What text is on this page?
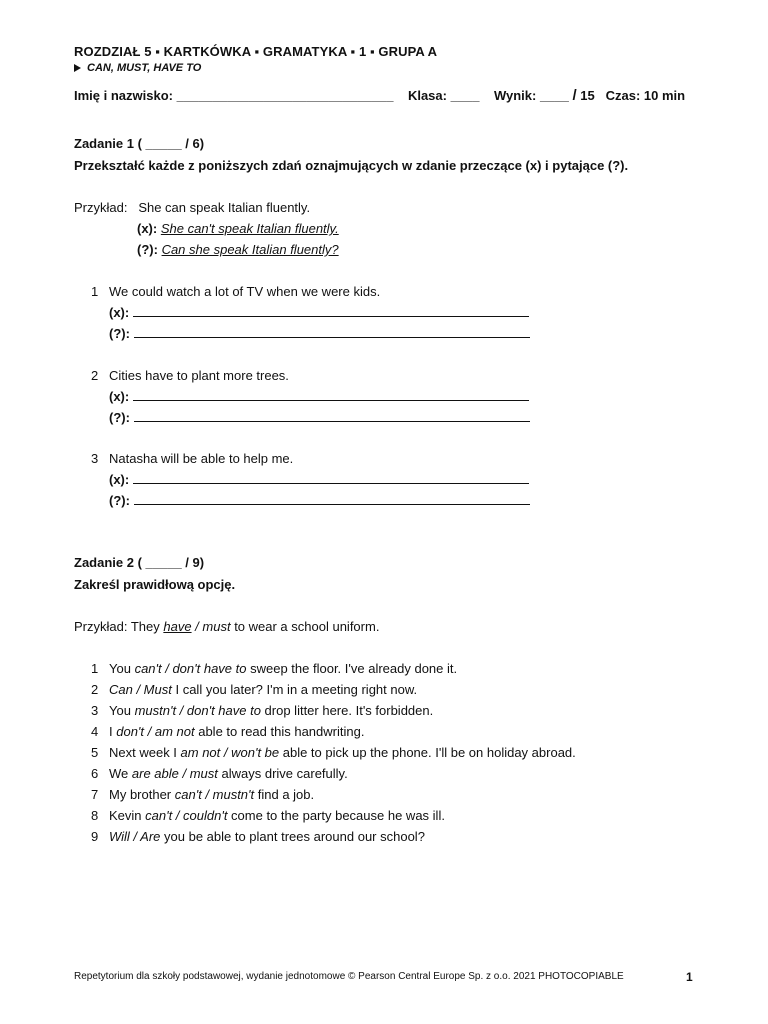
ROZDZIAŁ 5 ▪ KARTKÓWKA ▪ GRAMATYKA ▪ 1 ▪ GRUPA A
CAN, MUST, HAVE TO
Imię i nazwisko: ______________________________ Klasa: ____ Wynik: ____ / 15 Czas: 10 min
Zadanie 1 ( _____ / 6)
Przekształć każde z poniższych zdań oznajmujących w zdanie przeczące (x) i pytające (?).
Przykład: She can speak Italian fluently.
(x): She can't speak Italian fluently.
(?): Can she speak Italian fluently?
1 We could watch a lot of TV when we were kids.
(x):
(?):
2 Cities have to plant more trees.
(x):
(?):
3 Natasha will be able to help me.
(x):
(?):
Zadanie 2 ( _____ / 9)
Zakreśl prawidłową opcję.
Przykład: They have / must to wear a school uniform.
1 You can't / don't have to sweep the floor. I've already done it.
2 Can / Must I call you later? I'm in a meeting right now.
3 You mustn't / don't have to drop litter here. It's forbidden.
4 I don't / am not able to read this handwriting.
5 Next week I am not / won't be able to pick up the phone. I'll be on holiday abroad.
6 We are able / must always drive carefully.
7 My brother can't / mustn't find a job.
8 Kevin can't / couldn't come to the party because he was ill.
9 Will / Are you be able to plant trees around our school?
Repetytorium dla szkoły podstawowej, wydanie jednotomowe © Pearson Central Europe Sp. z o.o. 2021 PHOTOCOPIABLE	1
